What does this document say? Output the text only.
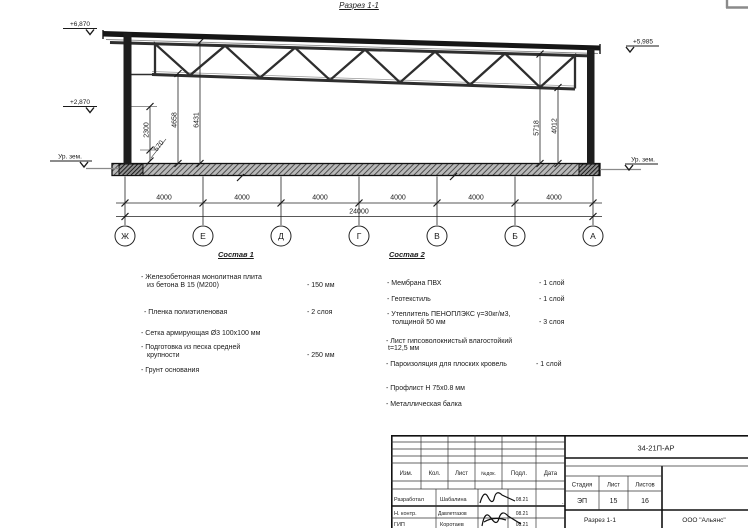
Разрез 1-1
+6,870
+2,870
Ур. зем.
+5,985
Ур. зем.
2300
570
4658 6431
5718 4012
4000	4000	4000	4000	4000	4000
24000
Ж	Е	Д	Г	В	Б	А
Состав 1
- Железобетонная монолитная плита
из бетона В 15 (М200)	- 150 мм
- Пленка полиэтиленовая	- 2 слоя
- Сетка армирующая Ø3 100х100 мм
- Подготовка из песка средней
крупности	- 250 мм
- Грунт основания
Состав 2
- Мембрана ПВХ	- 1 слой
- Геотекстиль	- 1 слой
- Утеплитель ПЕНОПЛЭКС γ=30кг/м3,
толщиной 50 мм	- 3 слоя
- Лист гипсоволокнистый влагостойкий
t=12,5 мм
- Пароизоляция для плоских кровель	- 1 слой
- Профлист Н 75х0.8 мм
- Металлическая балка
34-21П-АР
Изм.	Кол. Лист	№док.	Подл.	Дата
Разработал	Шабалина	08.21
Н. контр.	Давлетгазов	08.21
ГИП	Коротаев	08.21
Стадия Лист	Листов
ЭП	15	16
.
Разрез 1-1	ООО "Альянс"
